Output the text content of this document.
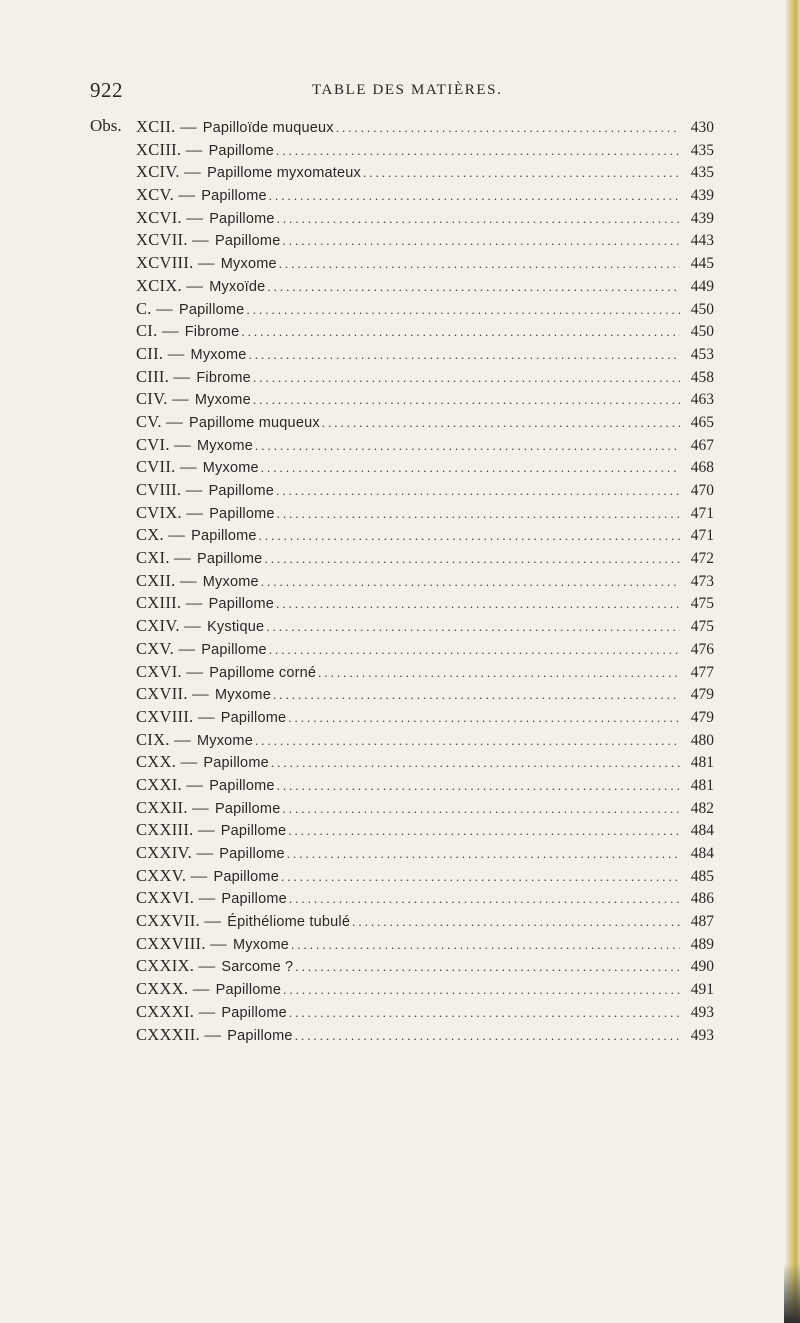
922	TABLE DES MATIÈRES.
Obs. XCII. — Papilloïde muqueux .....	430
XCIII. — Papillome .....	435
XCIV. — Papillome myxomateux .....	435
XCV. — Papillome .....	439
XCVI. — Papillome .....	439
XCVII. — Papillome .....	443
XCVIII. — Myxome .....	445
XCIX. — Myxoïde .....	449
C. — Papillome .....	450
CI. — Fibrome .....	450
CII. — Myxome .....	453
CIII. — Fibrome .....	458
CIV. — Myxome .....	463
CV. — Papillome muqueux .....	465
CVI. — Myxome .....	467
CVII. — Myxome .....	468
CVIII. — Papillome .....	470
CVIX. — Papillome .....	471
CX. — Papillome .....	471
CXI. — Papillome .....	472
CXII. — Myxome .....	473
CXIII. — Papillome .....	475
CXIV. — Kystique .....	475
CXV. — Papillome .....	476
CXVI. — Papillome corné .....	477
CXVII. — Myxome .....	479
CXVIII. — Papillome .....	479
CIX. — Myxome .....	480
CXX. — Papillome .....	481
CXXI. — Papillome .....	481
CXXII. — Papillome .....	482
CXXIII. — Papillome .....	484
CXXIV. — Papillome .....	484
CXXV. — Papillome .....	485
CXXVI. — Papillome .....	486
CXXVII. — Épithéliome tubulé .....	487
CXXVIII. — Myxome .....	489
CXXIX. — Sarcome ? .....	490
CXXX. — Papillome .....	491
CXXXI. — Papillome .....	493
CXXXII. — Papillome .....	493
